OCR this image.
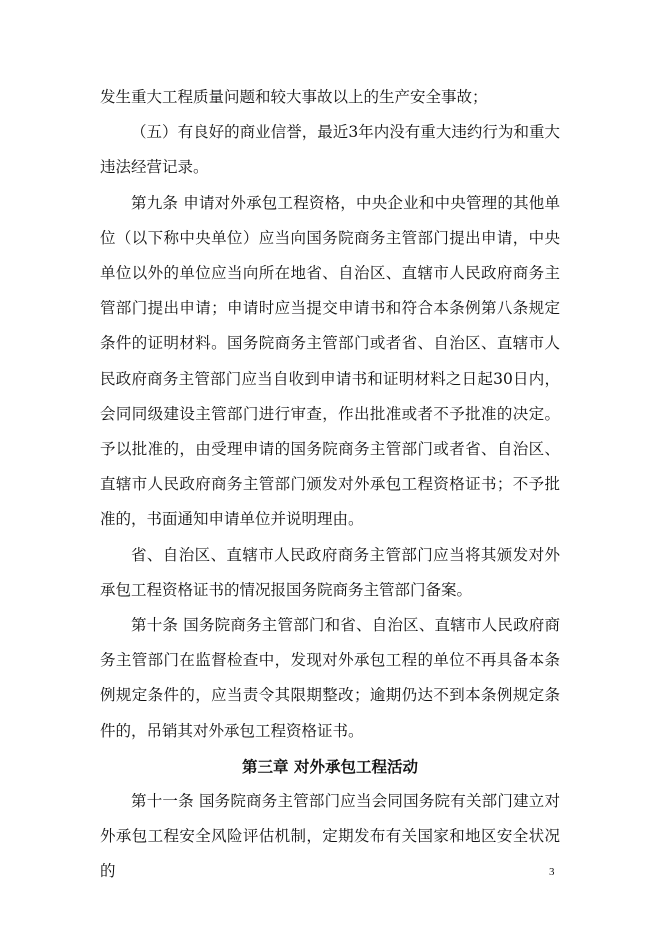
发生重大工程质量问题和较大事故以上的生产安全事故；

（五）有良好的商业信誉，最近3年内没有重大违约行为和重大违法经营记录。

第九条 申请对外承包工程资格，中央企业和中央管理的其他单位（以下称中央单位）应当向国务院商务主管部门提出申请，中央单位以外的单位应当向所在地省、自治区、直辖市人民政府商务主管部门提出申请；申请时应当提交申请书和符合本条例第八条规定条件的证明材料。国务院商务主管部门或者省、自治区、直辖市人民政府商务主管部门应当自收到申请书和证明材料之日起30日内，会同同级建设主管部门进行审查，作出批准或者不予批准的决定。予以批准的，由受理申请的国务院商务主管部门或者省、自治区、直辖市人民政府商务主管部门颁发对外承包工程资格证书；不予批准的，书面通知申请单位并说明理由。

省、自治区、直辖市人民政府商务主管部门应当将其颁发对外承包工程资格证书的情况报国务院商务主管部门备案。

第十条 国务院商务主管部门和省、自治区、直辖市人民政府商务主管部门在监督检查中，发现对外承包工程的单位不再具备本条例规定条件的，应当责令其限期整改；逾期仍达不到本条例规定条件的，吊销其对外承包工程资格证书。

第三章 对外承包工程活动

第十一条 国务院商务主管部门应当会同国务院有关部门建立对外承包工程安全风险评估机制，定期发布有关国家和地区安全状况的	3
